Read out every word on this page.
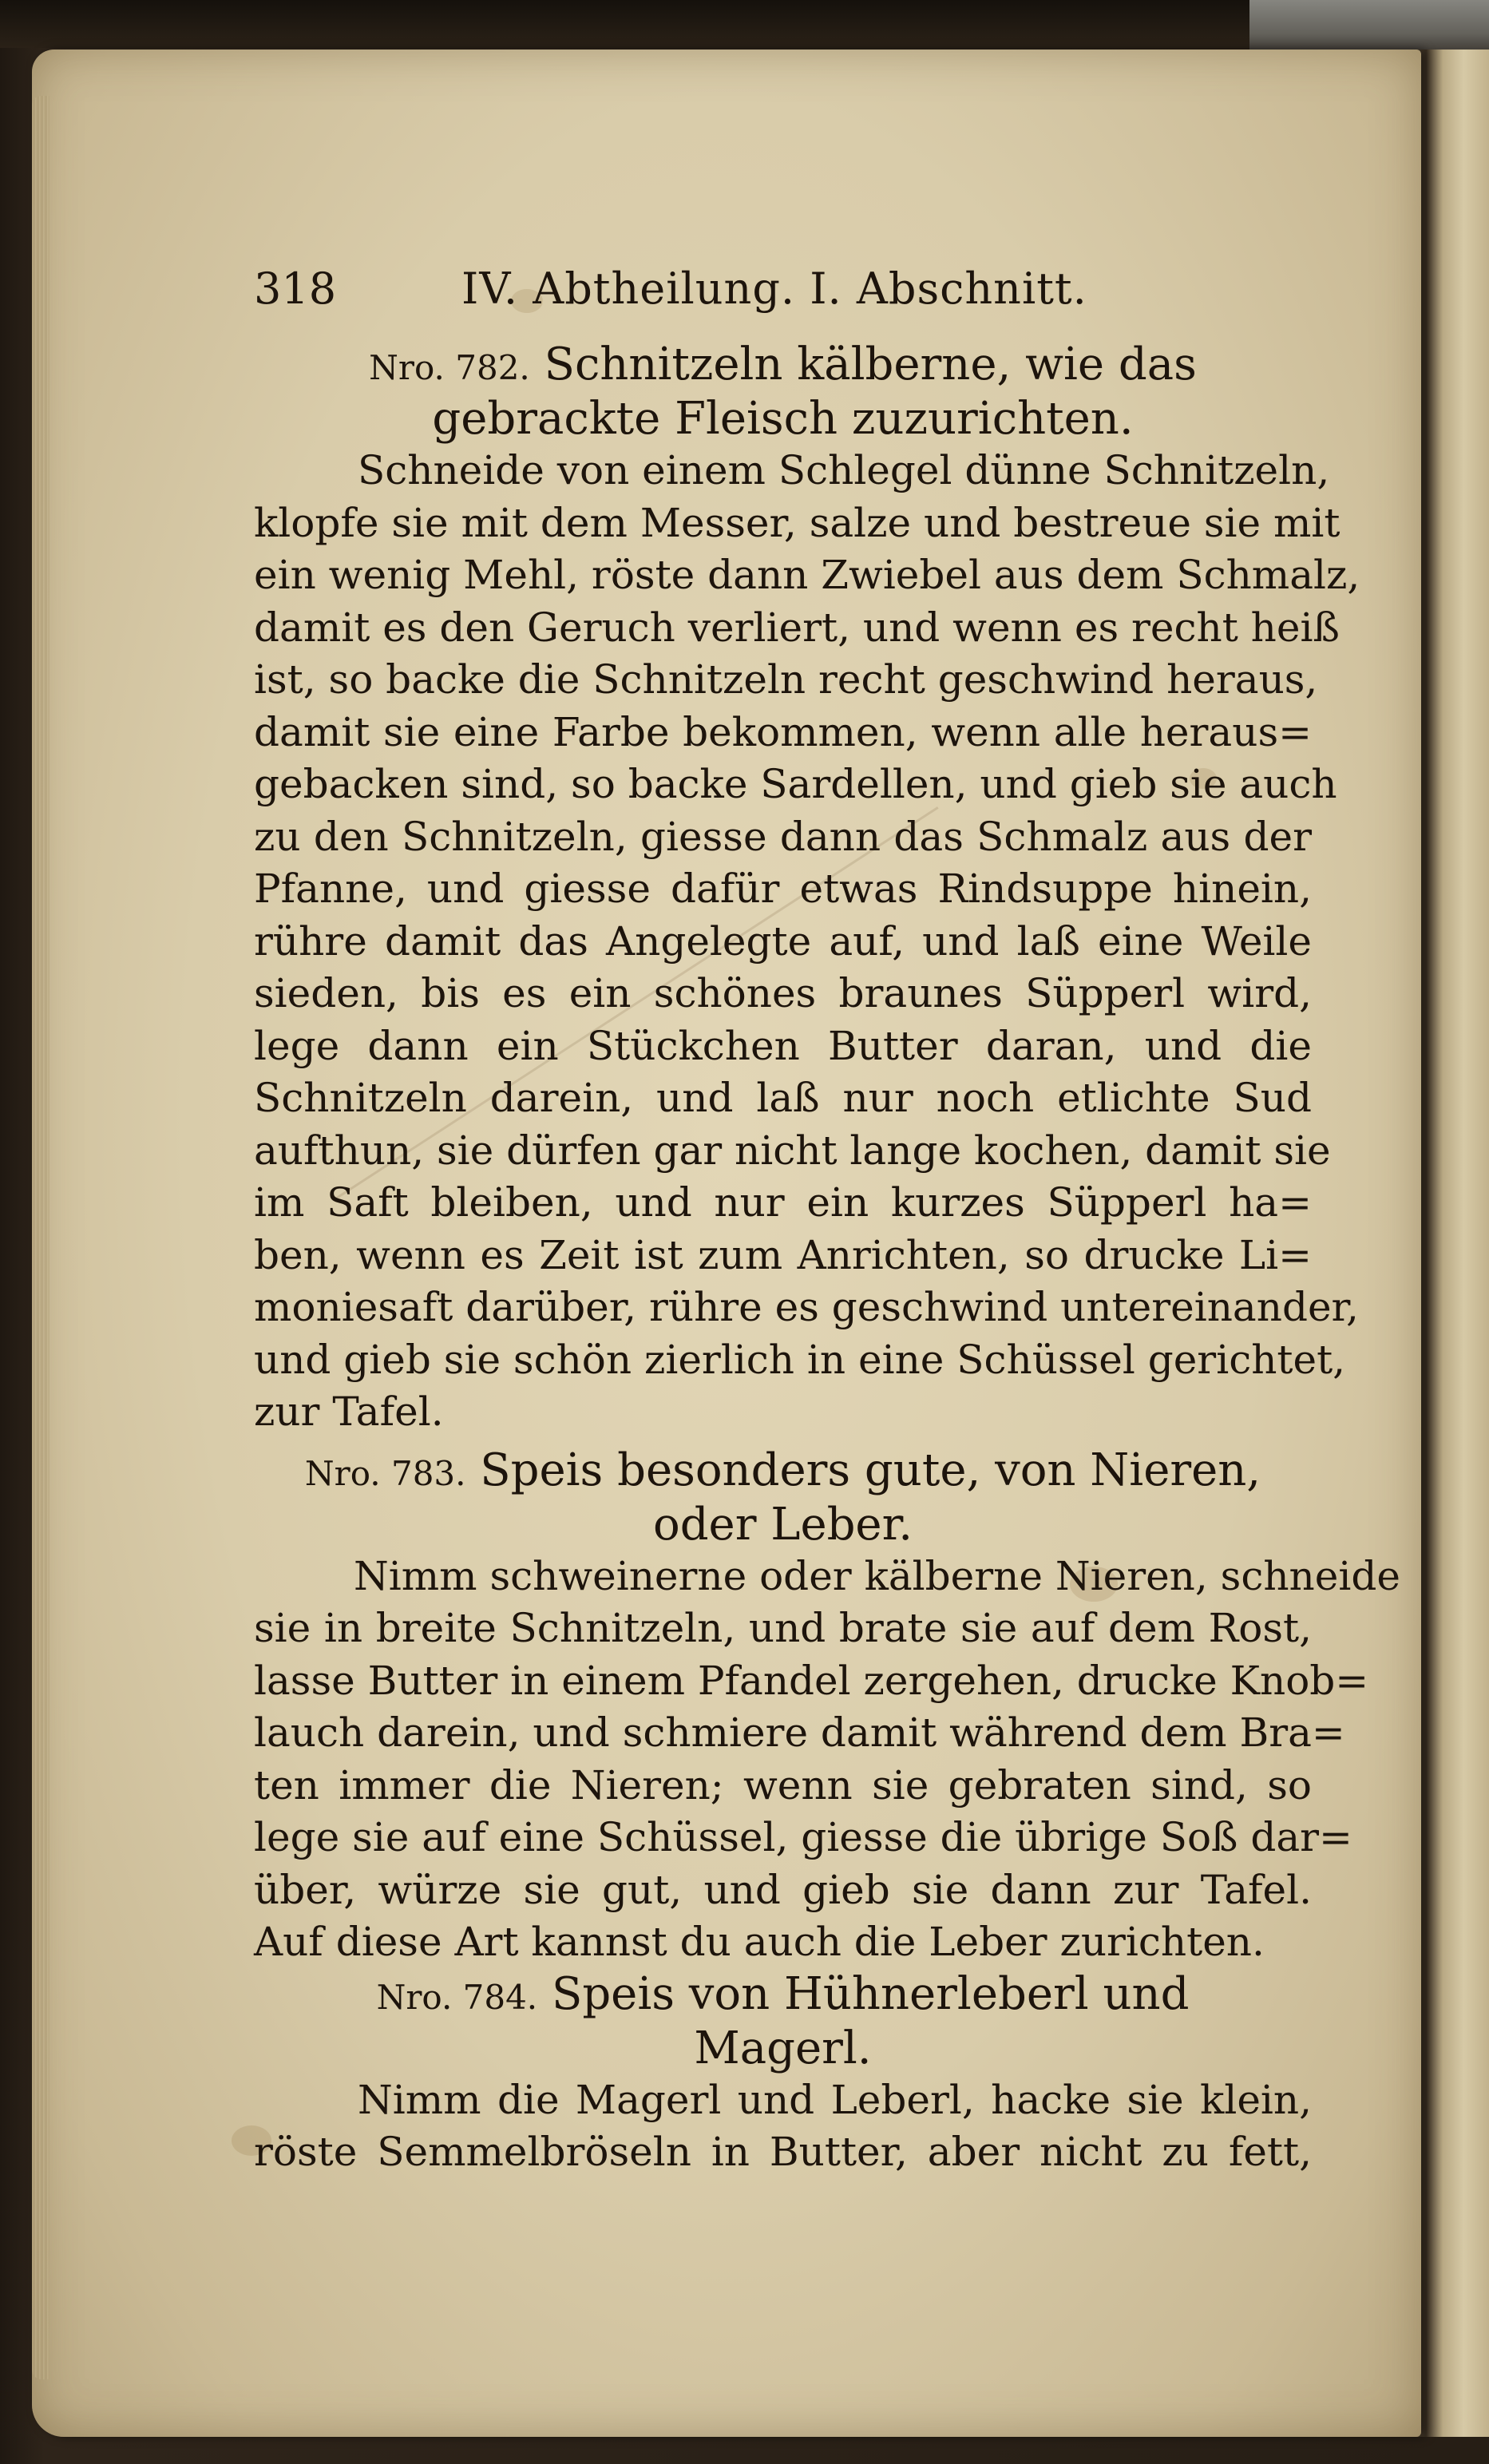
318	IV. Abtheilung. I. Abschnitt.
Nro. 782. Schnitzeln kälberne, wie das
gebrackte Fleisch zuzurichten.

Schneide von einem Schlegel dünne Schnitzeln,
klopfe sie mit dem Messer, salze und bestreue sie mit
ein wenig Mehl, röste dann Zwiebel aus dem Schmalz,
damit es den Geruch verliert, und wenn es recht heiß
ist, so backe die Schnitzeln recht geschwind heraus,
damit sie eine Farbe bekommen, wenn alle heraus=
gebacken sind, so backe Sardellen, und gieb sie auch
zu den Schnitzeln, giesse dann das Schmalz aus der
Pfanne, und giesse dafür etwas Rindsuppe hinein,
rühre damit das Angelegte auf, und laß eine Weile
sieden, bis es ein schönes braunes Süpperl wird,
lege dann ein Stückchen Butter daran, und die
Schnitzeln darein, und laß nur noch etlichte Sud
aufthun, sie dürfen gar nicht lange kochen, damit sie
im Saft bleiben, und nur ein kurzes Süpperl ha=
ben, wenn es Zeit ist zum Anrichten, so drucke Li=
moniesaft darüber, rühre es geschwind untereinander,
und gieb sie schön zierlich in eine Schüssel gerichtet,
zur Tafel.

Nro. 783. Speis besonders gute, von Nieren,
oder Leber.

Nimm schweinerne oder kälberne Nieren, schneide
sie in breite Schnitzeln, und brate sie auf dem Rost,
lasse Butter in einem Pfandel zergehen, drucke Knob=
lauch darein, und schmiere damit während dem Bra=
ten immer die Nieren; wenn sie gebraten sind, so
lege sie auf eine Schüssel, giesse die übrige Soß dar=
über, würze sie gut, und gieb sie dann zur Tafel.
Auf diese Art kannst du auch die Leber zurichten.

Nro. 784. Speis von Hühnerleberl und
Magerl.

Nimm die Magerl und Leberl, hacke sie klein,
röste Semmelbröseln in Butter, aber nicht zu fett,
